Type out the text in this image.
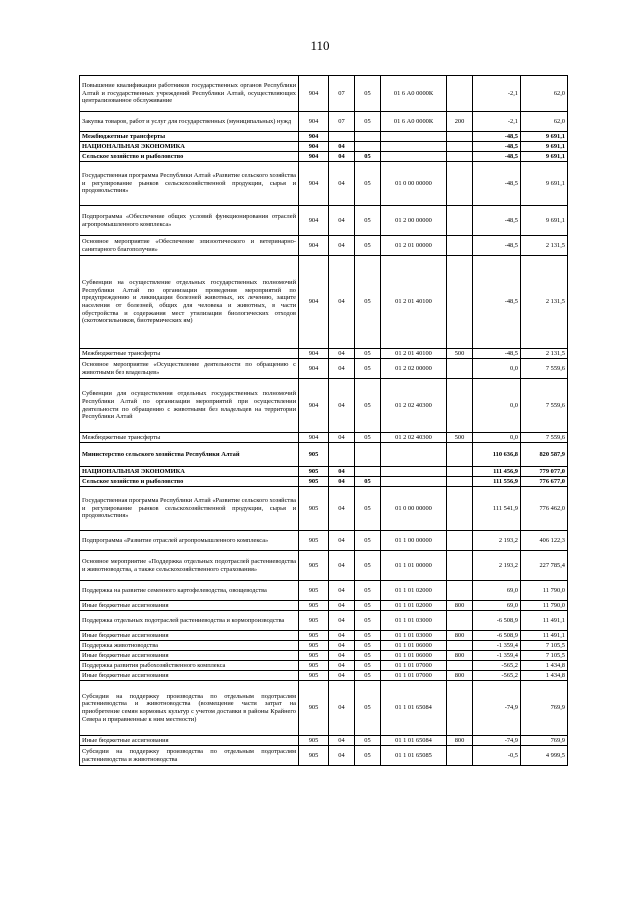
110
Повышение квалификации работников государственных органов Республики Алтай и государственных учреждений Республики Алтай, осуществляющих централизованное обслуживание	904	07	05	01 6 А0 0000К		-2,1	62,0
Закупка товаров, работ и услуг для государственных (муниципальных) нужд	904	07	05	01 6 А0 0000К	200	-2,1	62,0
Межбюджетные трансферты	904					-48,5	9 691,1
НАЦИОНАЛЬНАЯ ЭКОНОМИКА	904	04				-48,5	9 691,1
Сельское хозяйство и рыболовство	904	04	05			-48,5	9 691,1
Государственная программа Республики Алтай «Развитие сельского хозяйства и регулирование рынков сельскохозяйственной продукции, сырья и продовольствия»	904	04	05	01 0 00 00000		-48,5	9 691,1
Подпрограмма «Обеспечение общих условий функционирования отраслей агропромышленного комплекса»	904	04	05	01 2 00 00000		-48,5	9 691,1
Основное мероприятие «Обеспечение эпизоотического и ветеринарно-санитарного благополучия»	904	04	05	01 2 01 00000		-48,5	2 131,5
Субвенции на осуществление отдельных государственных полномочий Республики Алтай по организации проведения мероприятий по предупреждению и ликвидации болезней животных, их лечению, защите населения от болезней, общих для человека и животных, в части обустройства и содержания мест утилизации биологических отходов (скотомогильников, биотермических ям)	904	04	05	01 2 01 40100		-48,5	2 131,5
Межбюджетные трансферты	904	04	05	01 2 01 40100	500	-48,5	2 131,5
Основное мероприятие «Осуществление деятельности по обращению с животными без владельцев»	904	04	05	01 2 02 00000		0,0	7 559,6
Субвенции для осуществления отдельных государственных полномочий Республики Алтай по организации мероприятий при осуществлении деятельности по обращению с животными без владельцев на территории Республики Алтай	904	04	05	01 2 02 40300		0,0	7 559,6
Межбюджетные трансферты	904	04	05	01 2 02 40300	500	0,0	7 559,6
Министерство сельского хозяйства Республики Алтай	905					110 636,8	820 587,9
НАЦИОНАЛЬНАЯ ЭКОНОМИКА	905	04				111 456,9	779 077,0
Сельское хозяйство и рыболовство	905	04	05			111 556,9	776 677,0
Государственная программа Республики Алтай «Развитие сельского хозяйства и регулирование рынков сельскохозяйственной продукции, сырья и продовольствия»	905	04	05	01 0 00 00000		111 541,9	776 462,0
Подпрограмма «Развитие отраслей агропромышленного комплекса»	905	04	05	01 1 00 00000		2 193,2	406 122,3
Основное мероприятие «Поддержка отдельных подотраслей растениеводства и животноводства, а также сельскохозяйственного страхования»	905	04	05	01 1 01 00000		2 193,2	227 785,4
Поддержка на развитие семенного картофелеводства, овощеводства	905	04	05	01 1 01 02000		69,0	11 790,0
Иные бюджетные ассигнования	905	04	05	01 1 01 02000	800	69,0	11 790,0
Поддержка отдельных подотраслей растениеводства и кормопроизводства	905	04	05	01 1 01 03000		-6 508,9	11 491,1
Иные бюджетные ассигнования	905	04	05	01 1 01 03000	800	-6 508,9	11 491,1
Поддержка животноводства	905	04	05	01 1 01 06000		-1 359,4	7 105,5
Иные бюджетные ассигнования	905	04	05	01 1 01 06000	800	-1 359,4	7 105,5
Поддержка развития рыбохозяйственного комплекса	905	04	05	01 1 01 07000		-565,2	1 434,8
Иные бюджетные ассигнования	905	04	05	01 1 01 07000	800	-565,2	1 434,8
Субсидии на поддержку производства по отдельным подотраслям растениеводства и животноводства (возмещение части затрат на приобретение семян кормовых культур с учетом доставки в районы Крайнего Севера и приравненные к ним местности)	905	04	05	01 1 01 65084		-74,9	769,9
Иные бюджетные ассигнования	905	04	05	01 1 01 65084	800	-74,9	769,9
Субсидии на поддержку производства по отдельным подотраслям растениеводства и животноводства	905	04	05	01 1 01 65085		-0,5	4 999,5
